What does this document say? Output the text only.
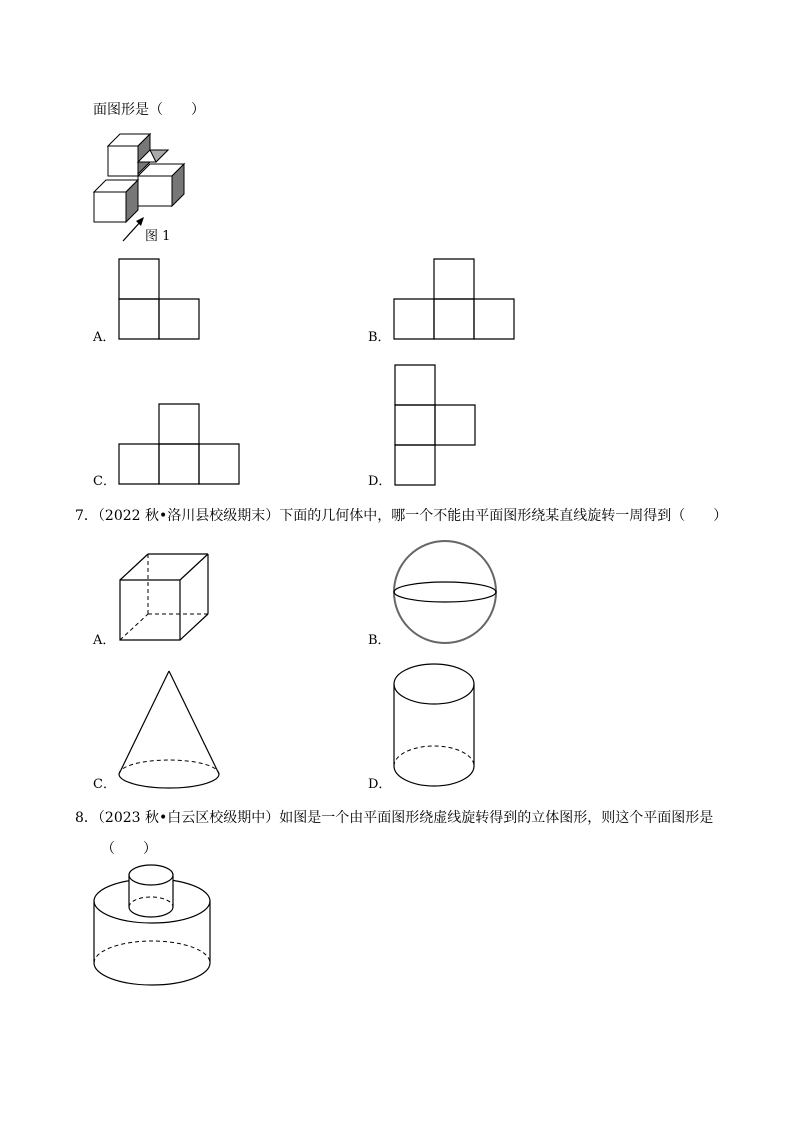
面图形是（　　）
图 1
A．	B．
C．	D．
7．（2022 秋•洛川县校级期末）下面的几何体中，哪一个不能由平面图形绕某直线旋转一周得到（　　）
A．	B．
C．	D．
8．（2023 秋•白云区校级期中）如图是一个由平面图形绕虚线旋转得到的立体图形，则这个平面图形是
（　　）
